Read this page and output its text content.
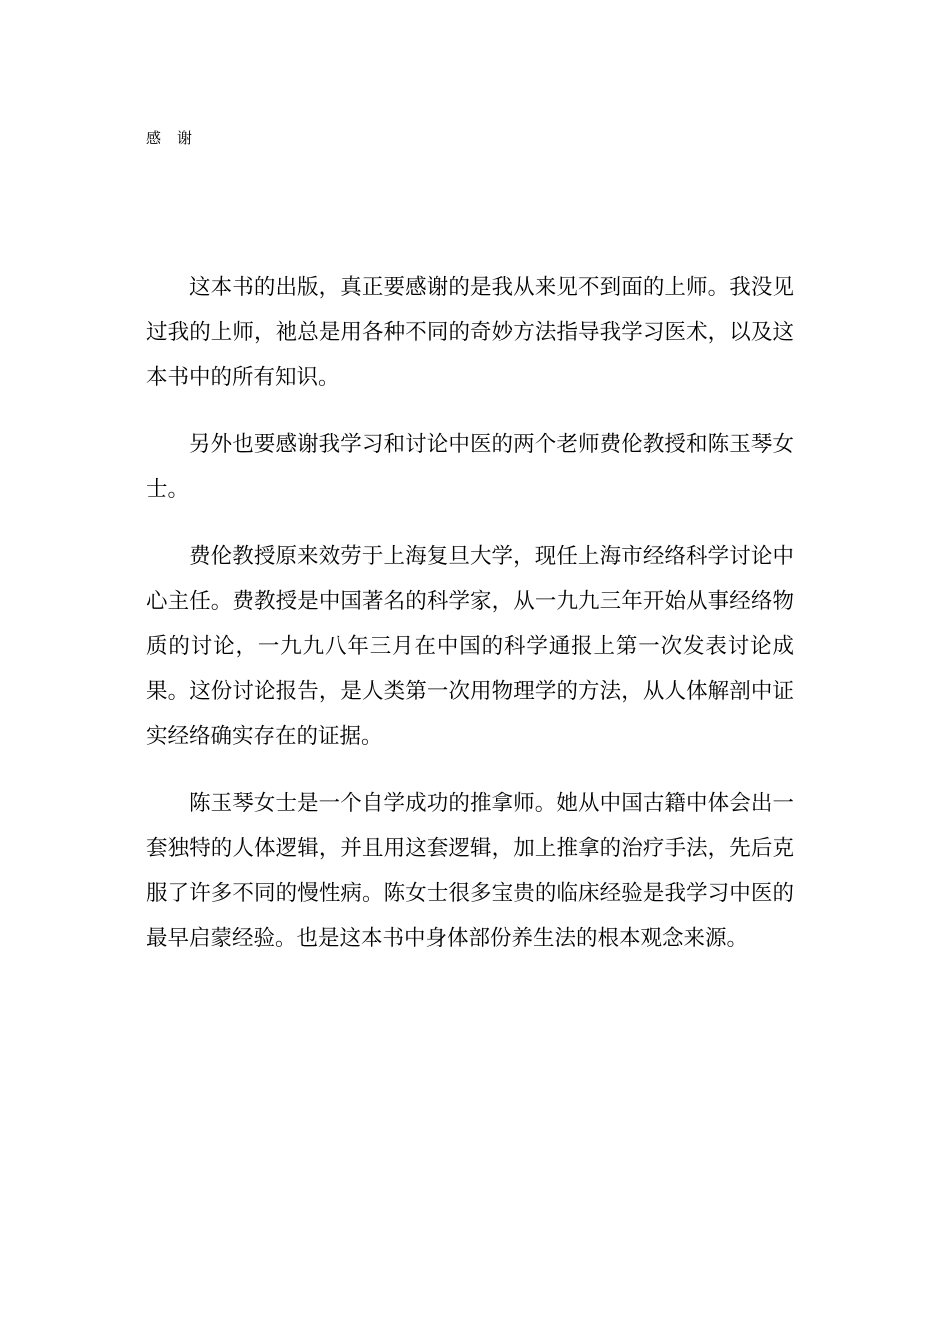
感谢

这本书的出版，真正要感谢的是我从来见不到面的上师。我没见过我的上师，祂总是用各种不同的奇妙方法指导我学习医术，以及这本书中的所有知识。

另外也要感谢我学习和讨论中医的两个老师费伦教授和陈玉琴女士。

费伦教授原来效劳于上海复旦大学，现任上海市经络科学讨论中心主任。费教授是中国著名的科学家，从一九九三年开始从事经络物质的讨论，一九九八年三月在中国的科学通报上第一次发表讨论成果。这份讨论报告，是人类第一次用物理学的方法，从人体解剖中证实经络确实存在的证据。

陈玉琴女士是一个自学成功的推拿师。她从中国古籍中体会出一套独特的人体逻辑，并且用这套逻辑，加上推拿的治疗手法，先后克服了许多不同的慢性病。陈女士很多宝贵的临床经验是我学习中医的最早启蒙经验。也是这本书中身体部份养生法的根本观念来源。
